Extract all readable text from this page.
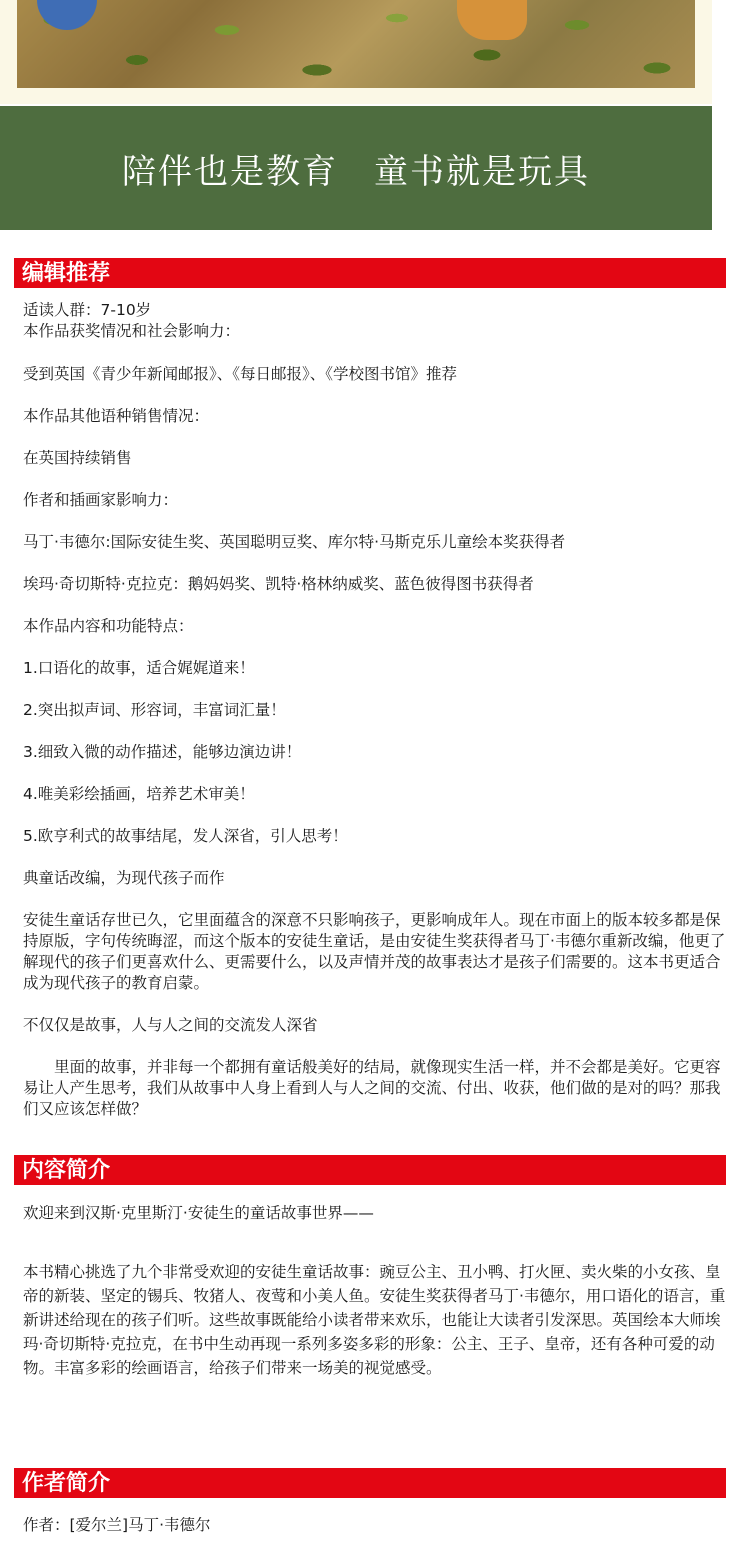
陪伴也是教育　童书就是玩具
编辑推荐
适读人群：7-10岁
本作品获奖情况和社会影响力：
受到英国《青少年新闻邮报》、《每日邮报》、《学校图书馆》推荐
本作品其他语种销售情况：
在英国持续销售
作者和插画家影响力：
马丁·韦德尔:国际安徒生奖、英国聪明豆奖、库尔特·马斯克乐儿童绘本奖获得者
埃玛·奇切斯特·克拉克：鹅妈妈奖、凯特·格林纳威奖、蓝色彼得图书获得者
本作品内容和功能特点：
1.口语化的故事，适合娓娓道来！
2.突出拟声词、形容词，丰富词汇量！
3.细致入微的动作描述，能够边演边讲！
4.唯美彩绘插画，培养艺术审美！
5.欧亨利式的故事结尾，发人深省，引人思考！
典童话改编，为现代孩子而作
安徒生童话存世已久，它里面蕴含的深意不只影响孩子，更影响成年人。现在市面上的版本较多都是保持原版，字句传统晦涩，而这个版本的安徒生童话，是由安徒生奖获得者马丁·韦德尔重新改编，他更了解现代的孩子们更喜欢什么、更需要什么，以及声情并茂的故事表达才是孩子们需要的。这本书更适合成为现代孩子的教育启蒙。
不仅仅是故事，人与人之间的交流发人深省
里面的故事，并非每一个都拥有童话般美好的结局，就像现实生活一样，并不会都是美好。它更容易让人产生思考，我们从故事中人身上看到人与人之间的交流、付出、收获，他们做的是对的吗？那我们又应该怎样做？
内容简介
欢迎来到汉斯·克里斯汀·安徒生的童话故事世界——
本书精心挑选了九个非常受欢迎的安徒生童话故事：豌豆公主、丑小鸭、打火匣、卖火柴的小女孩、皇帝的新装、坚定的锡兵、牧猪人、夜莺和小美人鱼。安徒生奖获得者马丁·韦德尔，用口语化的语言，重新讲述给现在的孩子们听。这些故事既能给小读者带来欢乐，也能让大读者引发深思。英国绘本大师埃玛·奇切斯特·克拉克，在书中生动再现一系列多姿多彩的形象：公主、王子、皇帝，还有各种可爱的动物。丰富多彩的绘画语言，给孩子们带来一场美的视觉感受。
作者简介
作者：[爱尔兰]马丁·韦德尔
